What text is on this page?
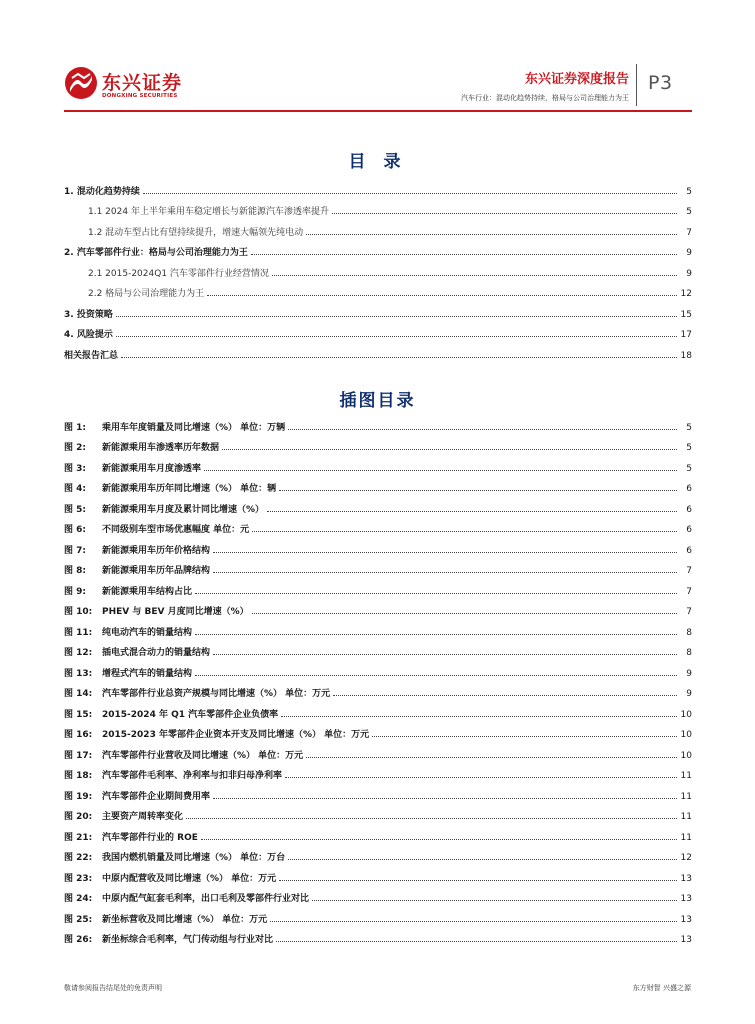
东兴证券
DONGXING SECURITIES
东兴证券深度报告
汽车行业：混动化趋势持续，格局与公司治理能力为王
P3
目 录
1. 混动化趋势持续	5
1.1 2024 年上半年乘用车稳定增长与新能源汽车渗透率提升	5
1.2 混动车型占比有望持续提升，增速大幅领先纯电动	7
2. 汽车零部件行业：格局与公司治理能力为王	9
2.1 2015-2024Q1 汽车零部件行业经营情况	9
2.2 格局与公司治理能力为王	12
3. 投资策略	15
4. 风险提示	17
相关报告汇总	18
插图目录
图 1: 乘用车年度销量及同比增速（%） 单位：万辆	5
图 2: 新能源乘用车渗透率历年数据	5
图 3: 新能源乘用车月度渗透率	5
图 4: 新能源乘用车历年同比增速（%） 单位：辆	6
图 5: 新能源乘用车月度及累计同比增速（%）	6
图 6: 不同级别车型市场优惠幅度 单位：元	6
图 7: 新能源乘用车历年价格结构	6
图 8: 新能源乘用车历年品牌结构	7
图 9: 新能源乘用车结构占比	7
图 10: PHEV 与 BEV 月度同比增速（%）	7
图 11: 纯电动汽车的销量结构	8
图 12: 插电式混合动力的销量结构	8
图 13: 增程式汽车的销量结构	9
图 14: 汽车零部件行业总资产规模与同比增速（%） 单位：万元	9
图 15: 2015-2024 年 Q1 汽车零部件企业负债率	10
图 16: 2015-2023 年零部件企业资本开支及同比增速（%） 单位：万元	10
图 17: 汽车零部件行业营收及同比增速（%） 单位：万元	10
图 18: 汽车零部件毛利率、净利率与扣非归母净利率	11
图 19: 汽车零部件企业期间费用率	11
图 20: 主要资产周转率变化	11
图 21: 汽车零部件行业的 ROE	11
图 22: 我国内燃机销量及同比增速（%） 单位：万台	12
图 23: 中原内配营收及同比增速（%） 单位：万元	13
图 24: 中原内配气缸套毛利率，出口毛利及零部件行业对比	13
图 25: 新坐标营收及同比增速（%） 单位：万元	13
图 26: 新坐标综合毛利率，气门传动组与行业对比	13
敬请参阅报告结尾处的免责声明	东方财智 兴盛之源
